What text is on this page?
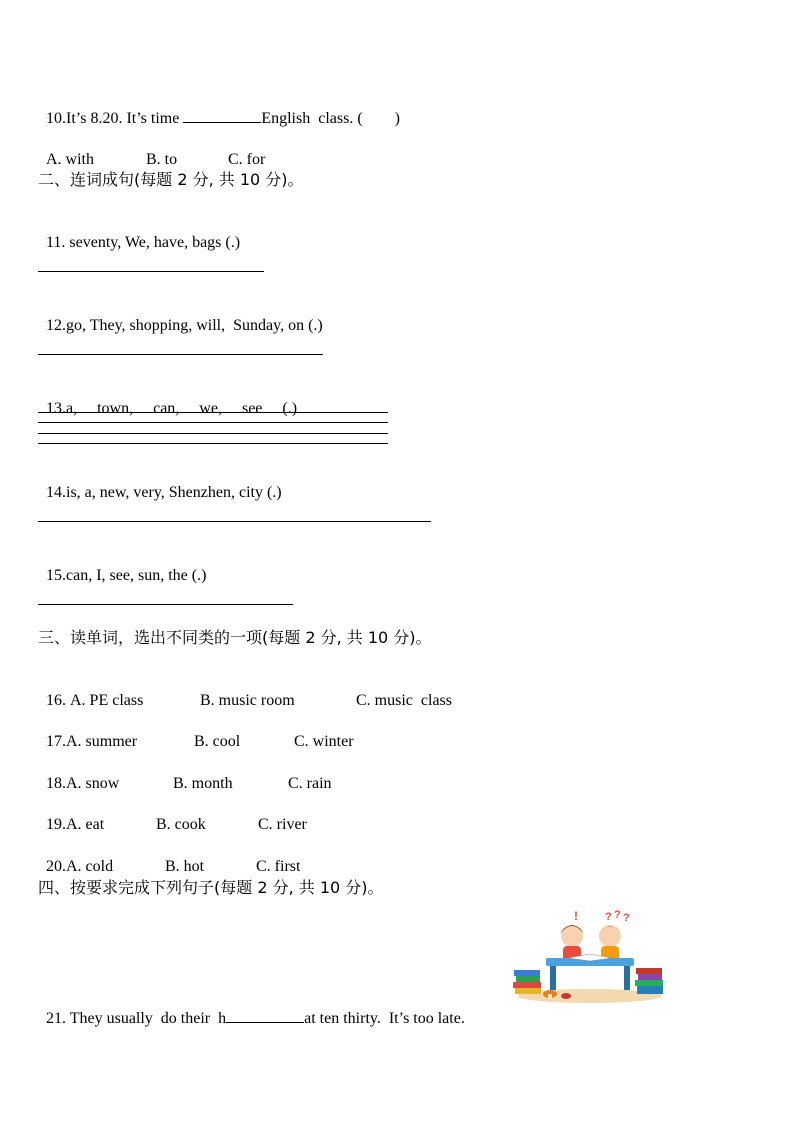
10.It’s 8.20. It’s time	English  class. (        )

A. with	B. to	C. for

二、连词成句(每题 2 分, 共 10 分)。

11. seventy, We, have, bags (.)

12.go, They, shopping, will,  Sunday, on (.)

13.a,     town,     can,     we,     see     (.)

14.is, a, new, very, Shenzhen, city (.)

15.can, I, see, sun, the (.)

三、读单词，选出不同类的一项(每题 2 分, 共 10 分)。

16. A. PE class	B. music room	C. music  class

17.A. summer	B. cool	C. winter

18.A. snow	B. month	C. rain

19.A. eat	B. cook	C. river

20.A. cold	B. hot	C. first

四、按要求完成下列句子(每题 2 分, 共 10 分)。

21. They usually  do their  h	at ten thirty.  It’s too late.

! ? ? ?
